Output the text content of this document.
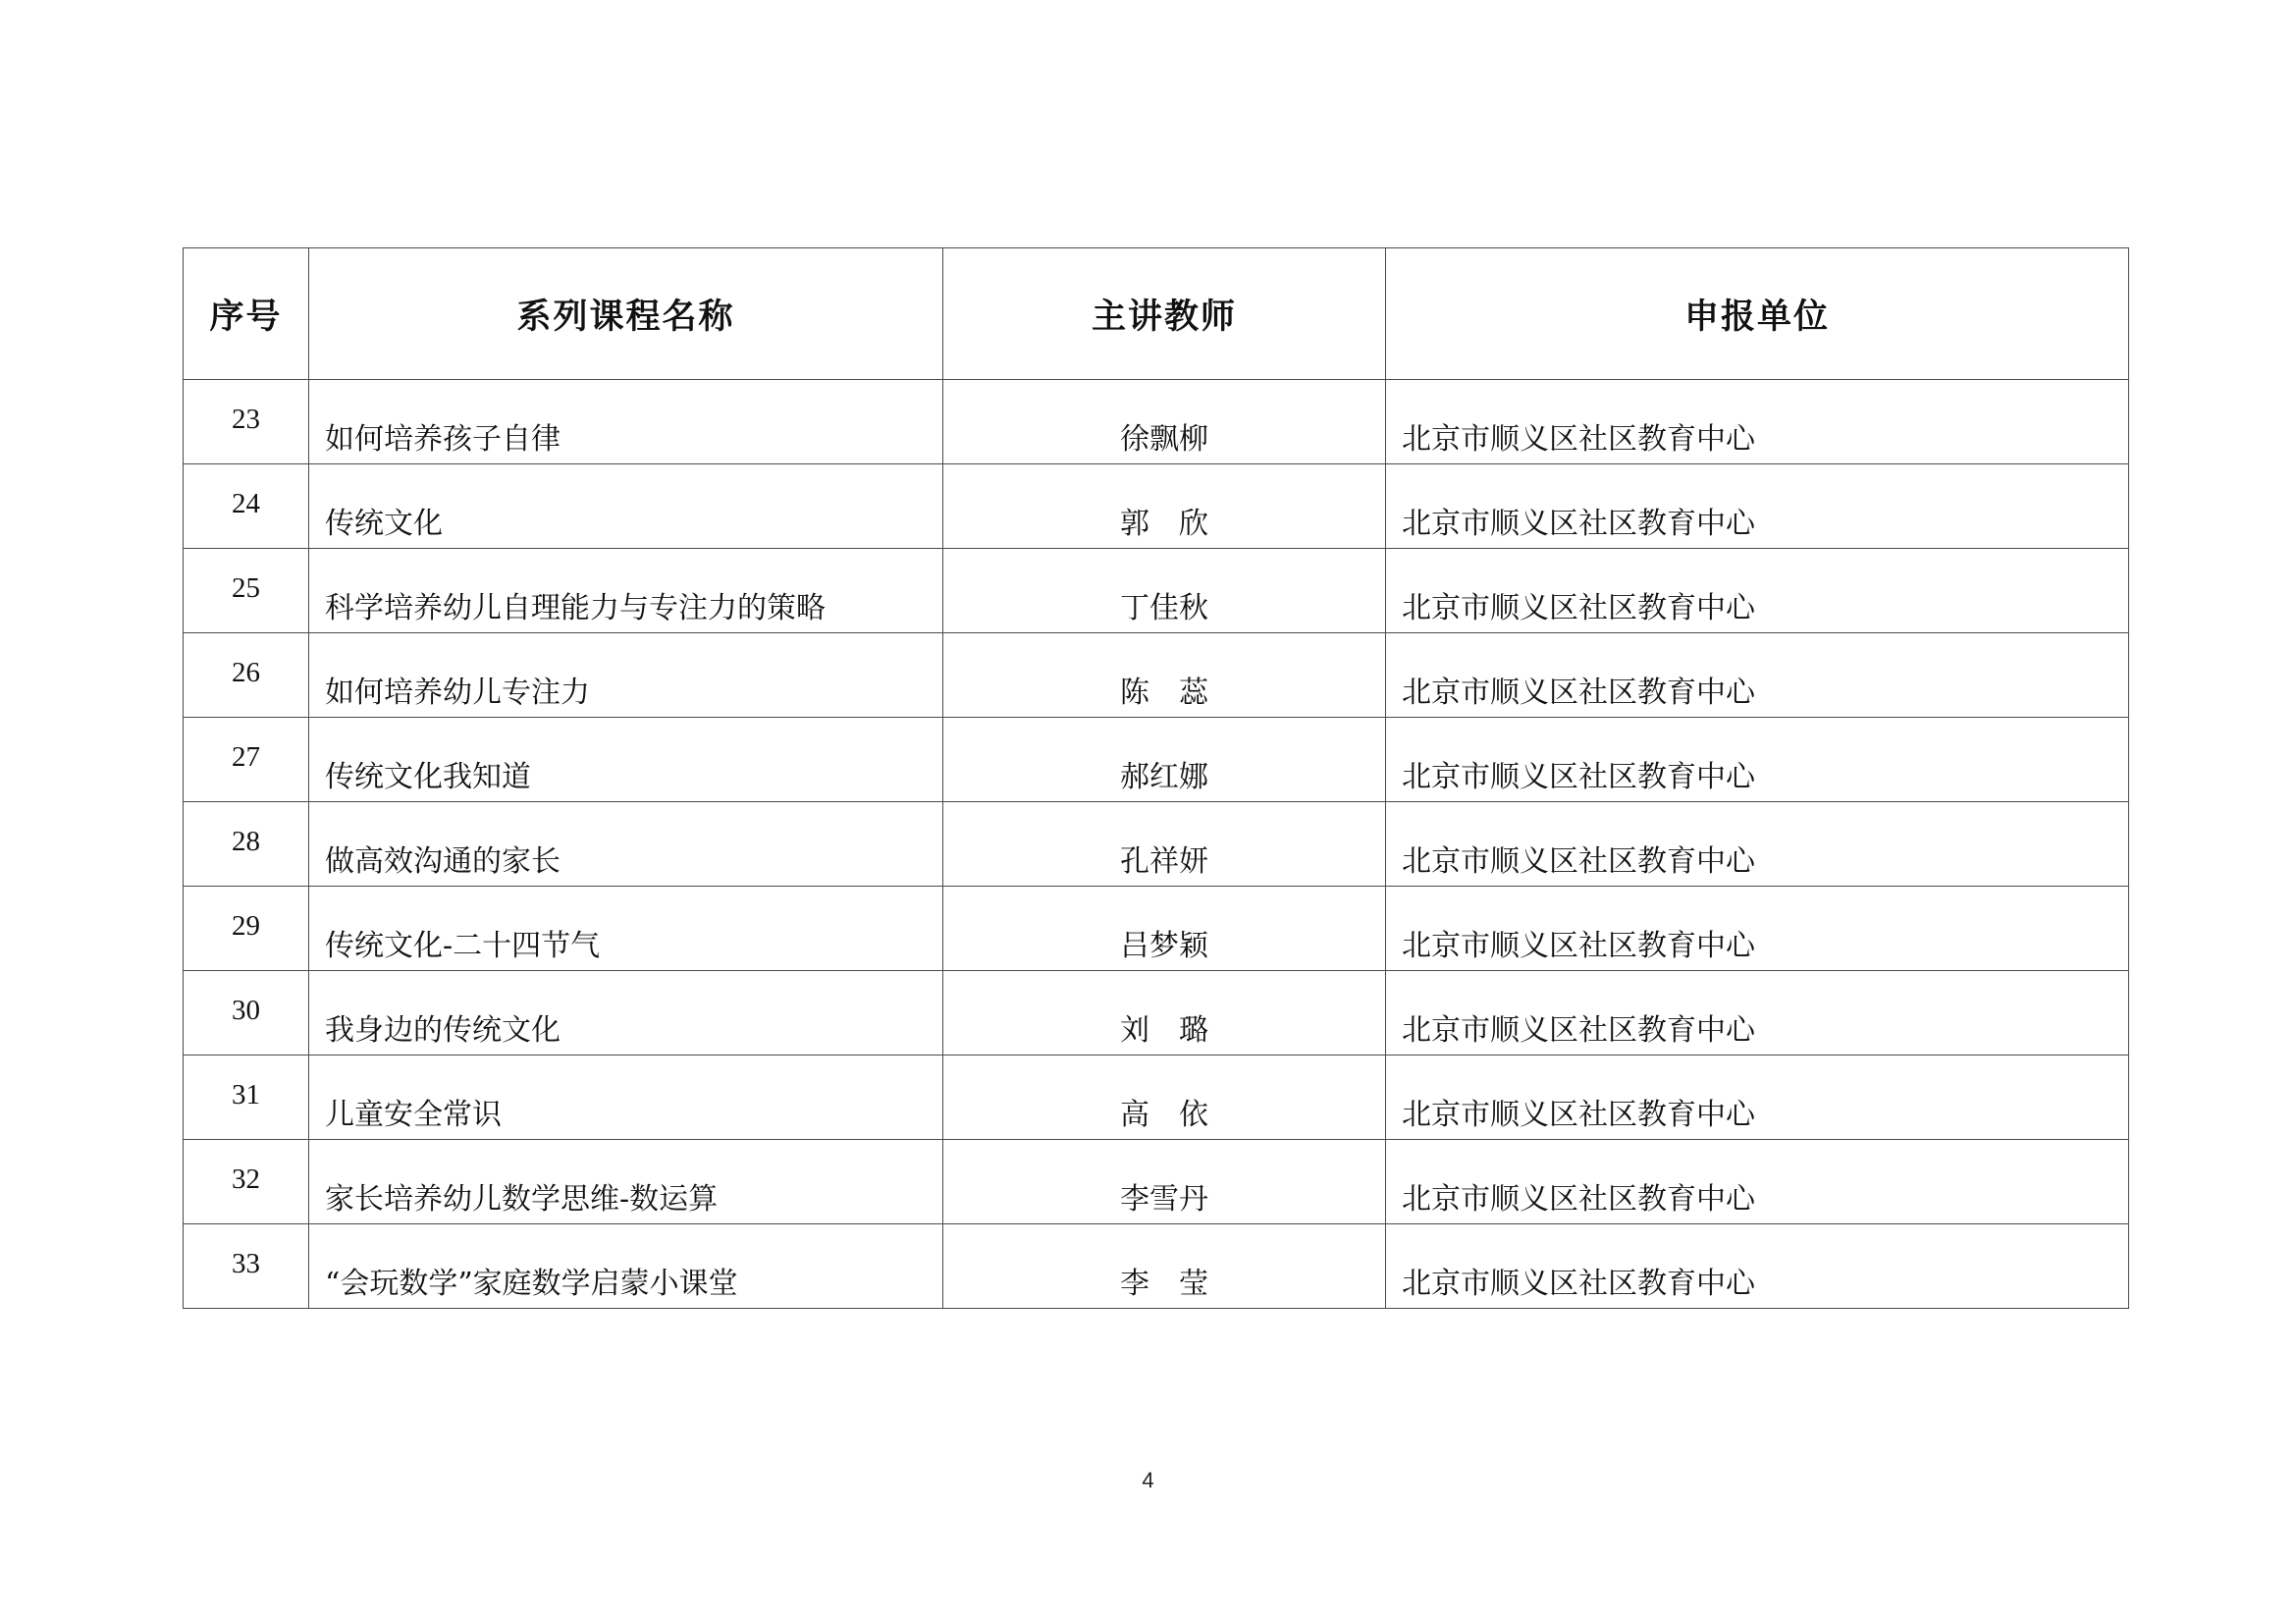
序号	系列课程名称	主讲教师	申报单位

23	如何培养孩子自律	徐飘柳	北京市顺义区社区教育中心

24	传统文化	郭　欣	北京市顺义区社区教育中心

25	科学培养幼儿自理能力与专注力的策略	丁佳秋	北京市顺义区社区教育中心

26	如何培养幼儿专注力	陈　蕊	北京市顺义区社区教育中心

27	传统文化我知道	郝红娜	北京市顺义区社区教育中心

28	做高效沟通的家长	孔祥妍	北京市顺义区社区教育中心

29	传统文化-二十四节气	吕梦颖	北京市顺义区社区教育中心

30	我身边的传统文化	刘　璐	北京市顺义区社区教育中心

31	儿童安全常识	高　依	北京市顺义区社区教育中心

32	家长培养幼儿数学思维-数运算	李雪丹	北京市顺义区社区教育中心

33	“会玩数学”家庭数学启蒙小课堂	李　莹	北京市顺义区社区教育中心
4
